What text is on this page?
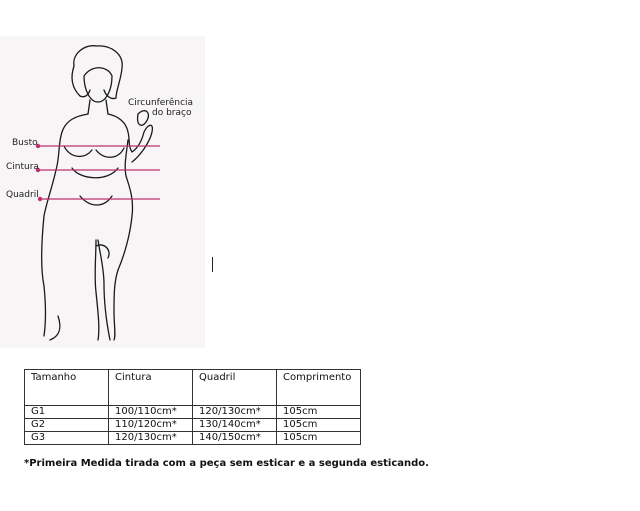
Circunferência
do braço
Busto
Cintura
Quadril
Tamanho	Cintura	Quadril	Comprimento
G1	100/110cm*	120/130cm*	105cm
G2	110/120cm*	130/140cm*	105cm
G3	120/130cm*	140/150cm*	105cm
*Primeira Medida tirada com a peça sem esticar e a segunda esticando.
